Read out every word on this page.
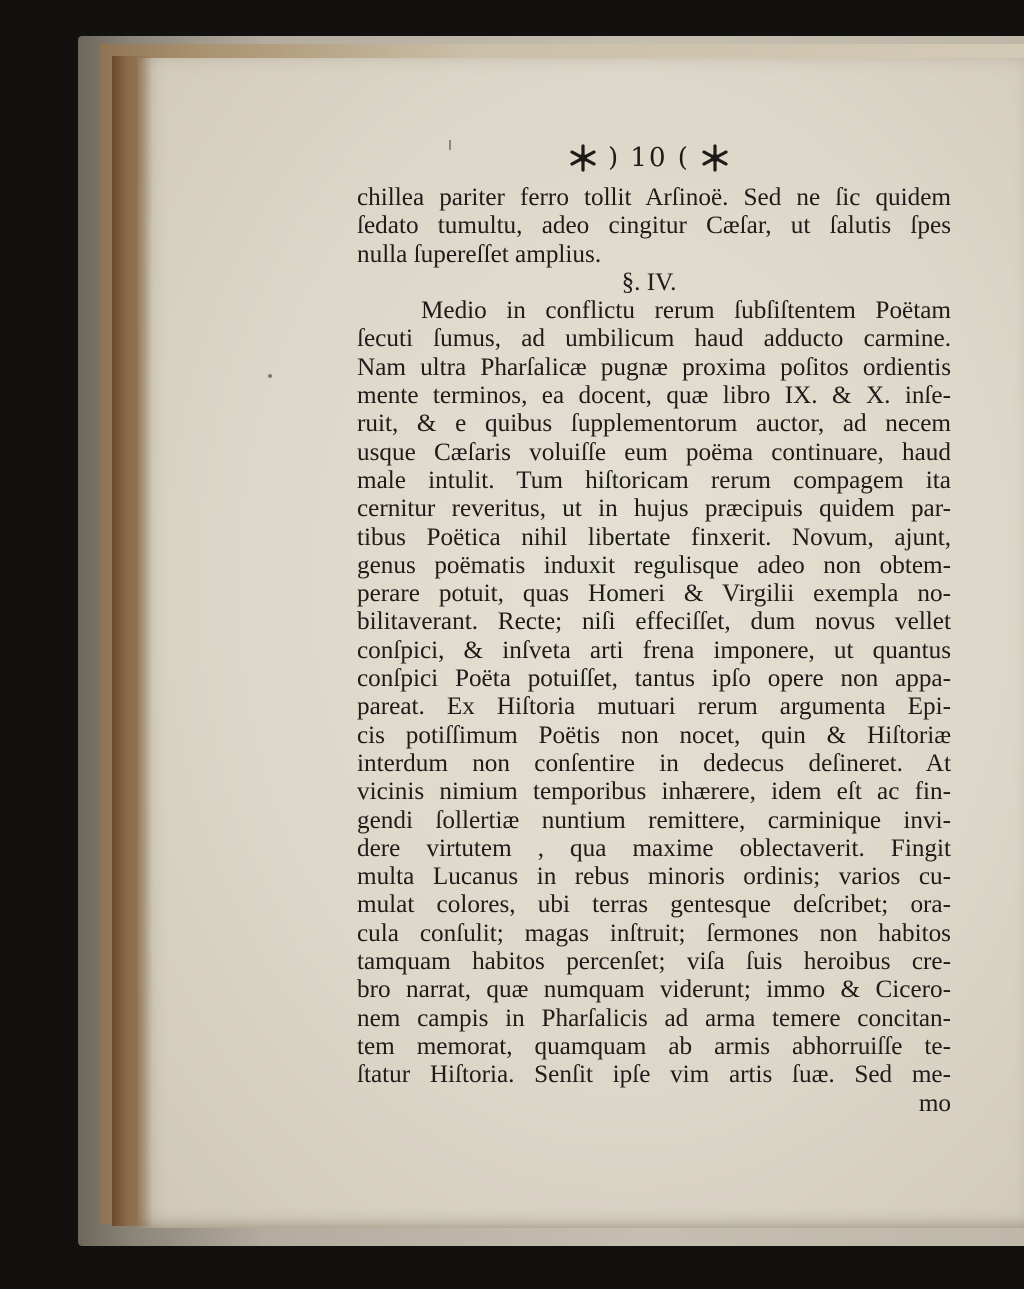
) 10 (
chillea pariter ferro tollit Arſinoë. Sed ne ſic quidem
ſedato tumultu, adeo cingitur Cæſar, ut ſalutis ſpes
nulla ſupereſſet amplius.
§. IV.
Medio in conflictu rerum ſubſiſtentem Poëtam
ſecuti ſumus, ad umbilicum haud adducto carmine.
Nam ultra Pharſalicæ pugnæ proxima poſitos ordientis
mente terminos, ea docent, quæ libro IX. & X. inſe-
ruit, & e quibus ſupplementorum auctor, ad necem
usque Cæſaris voluiſſe eum poëma continuare, haud
male intulit. Tum hiſtoricam rerum compagem ita
cernitur reveritus, ut in hujus præcipuis quidem par-
tibus Poëtica nihil libertate finxerit. Novum, ajunt,
genus poëmatis induxit regulisque adeo non obtem-
perare potuit, quas Homeri & Virgilii exempla no-
bilitaverant. Recte; niſi effeciſſet, dum novus vellet
conſpici, & inſveta arti frena imponere, ut quantus
conſpici Poëta potuiſſet, tantus ipſo opere non appa-
pareat. Ex Hiſtoria mutuari rerum argumenta Epi-
cis potiſſimum Poëtis non nocet, quin & Hiſtoriæ
interdum non conſentire in dedecus deſineret. At
vicinis nimium temporibus inhærere, idem eſt ac fin-
gendi ſollertiæ nuntium remittere, carminique invi-
dere virtutem , qua maxime oblectaverit. Fingit
multa Lucanus in rebus minoris ordinis; varios cu-
mulat colores, ubi terras gentesque deſcribet; ora-
cula conſulit; magas inſtruit; ſermones non habitos
tamquam habitos percenſet; viſa ſuis heroibus cre-
bro narrat, quæ numquam viderunt; immo & Cicero-
nem campis in Pharſalicis ad arma temere concitan-
tem memorat, quamquam ab armis abhorruiſſe te-
ſtatur Hiſtoria. Senſit ipſe vim artis ſuæ. Sed me-
mo
